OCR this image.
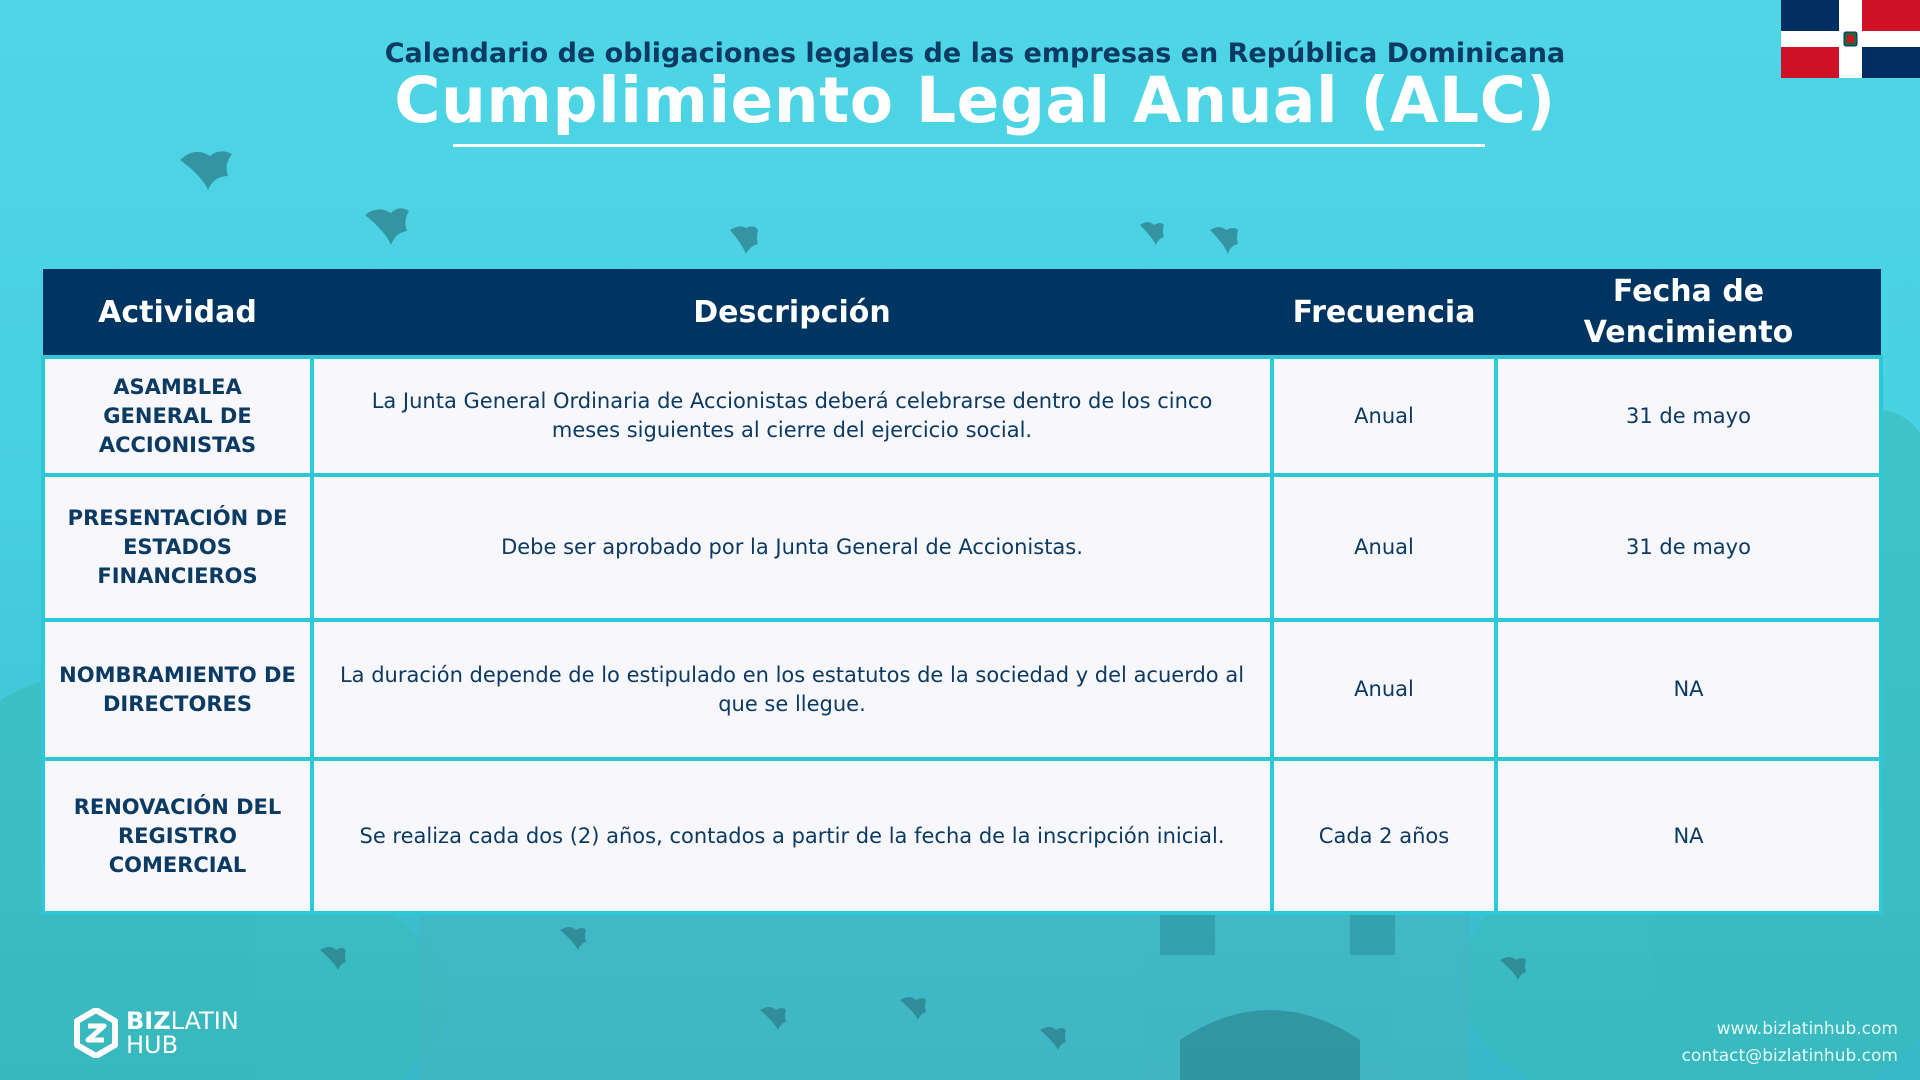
Calendario de obligaciones legales de las empresas en República Dominicana
Cumplimiento Legal Anual (ALC)
Actividad	Descripción	Frecuencia	Fecha de Vencimiento
ASAMBLEA GENERAL DE ACCIONISTAS	La Junta General Ordinaria de Accionistas deberá celebrarse dentro de los cinco meses siguientes al cierre del ejercicio social.	Anual	31 de mayo
PRESENTACIÓN DE ESTADOS FINANCIEROS	Debe ser aprobado por la Junta General de Accionistas.	Anual	31 de mayo
NOMBRAMIENTO DE DIRECTORES	La duración depende de lo estipulado en los estatutos de la sociedad y del acuerdo al que se llegue.	Anual	NA
RENOVACIÓN DEL REGISTRO COMERCIAL	Se realiza cada dos (2) años, contados a partir de la fecha de la inscripción inicial.	Cada 2 años	NA
BIZLATIN
HUB
www.bizlatinhub.com
contact@bizlatinhub.com
